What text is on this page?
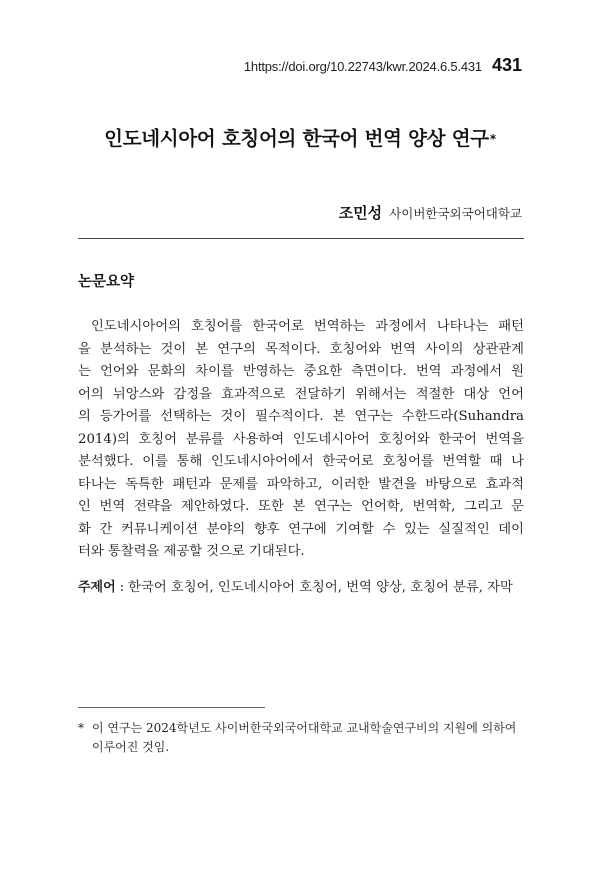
1https://doi.org/10.22743/kwr.2024.6.5.431 431
인도네시아어 호칭어의 한국어 번역 양상 연구*
조민성 사이버한국외국어대학교
논문요약
인도네시아어의 호칭어를 한국어로 번역하는 과정에서 나타나는 패턴
을 분석하는 것이 본 연구의 목적이다. 호칭어와 번역 사이의 상관관계
는 언어와 문화의 차이를 반영하는 중요한 측면이다. 번역 과정에서 원
어의 뉘앙스와 감정을 효과적으로 전달하기 위해서는 적절한 대상 언어
의 등가어를 선택하는 것이 필수적이다. 본 연구는 수한드라(Suhandra
2014)의 호칭어 분류를 사용하여 인도네시아어 호칭어와 한국어 번역을
분석했다. 이를 통해 인도네시아어에서 한국어로 호칭어를 번역할 때 나
타나는 독특한 패턴과 문제를 파악하고, 이러한 발견을 바탕으로 효과적
인 번역 전략을 제안하였다. 또한 본 연구는 언어학, 번역학, 그리고 문
화 간 커뮤니케이션 분야의 향후 연구에 기여할 수 있는 실질적인 데이
터와 통찰력을 제공할 것으로 기대된다.
주제어 : 한국어 호칭어, 인도네시아어 호칭어, 번역 양상, 호칭어 분류, 자막
* 이 연구는 2024학년도 사이버한국외국어대학교 교내학술연구비의 지원에 의하여
이루어진 것임.
